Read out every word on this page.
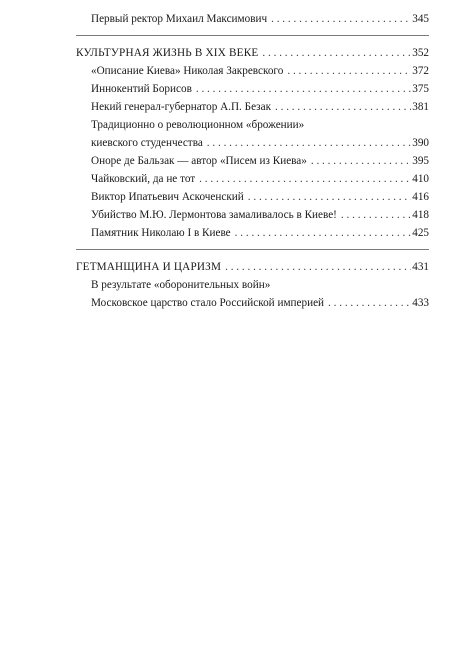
Первый ректор Михаил Максимович . . .	345
КУЛЬТУРНАЯ ЖИЗНЬ В XIX ВЕКЕ . . .	352
«Описание Киева» Николая Закревского . . .	372
Иннокентий Борисов . . .	375
Некий генерал-губернатор А.П. Безак . . .	381
Традиционно о революционном «брожении»
киевского студенчества . . .	390
Оноре де Бальзак — автор «Писем из Киева» . . .	395
Чайковский, да не тот . . .	410
Виктор Ипатьевич Аскоченский . . .	416
Убийство М.Ю. Лермонтова замаливалось в Киеве! . . .	418
Памятник Николаю I в Киеве . . .	425
ГЕТМАНЩИНА И ЦАРИЗМ . . .	431
В результате «оборонительных войн»
Московское царство стало Российской империей . . .	433
